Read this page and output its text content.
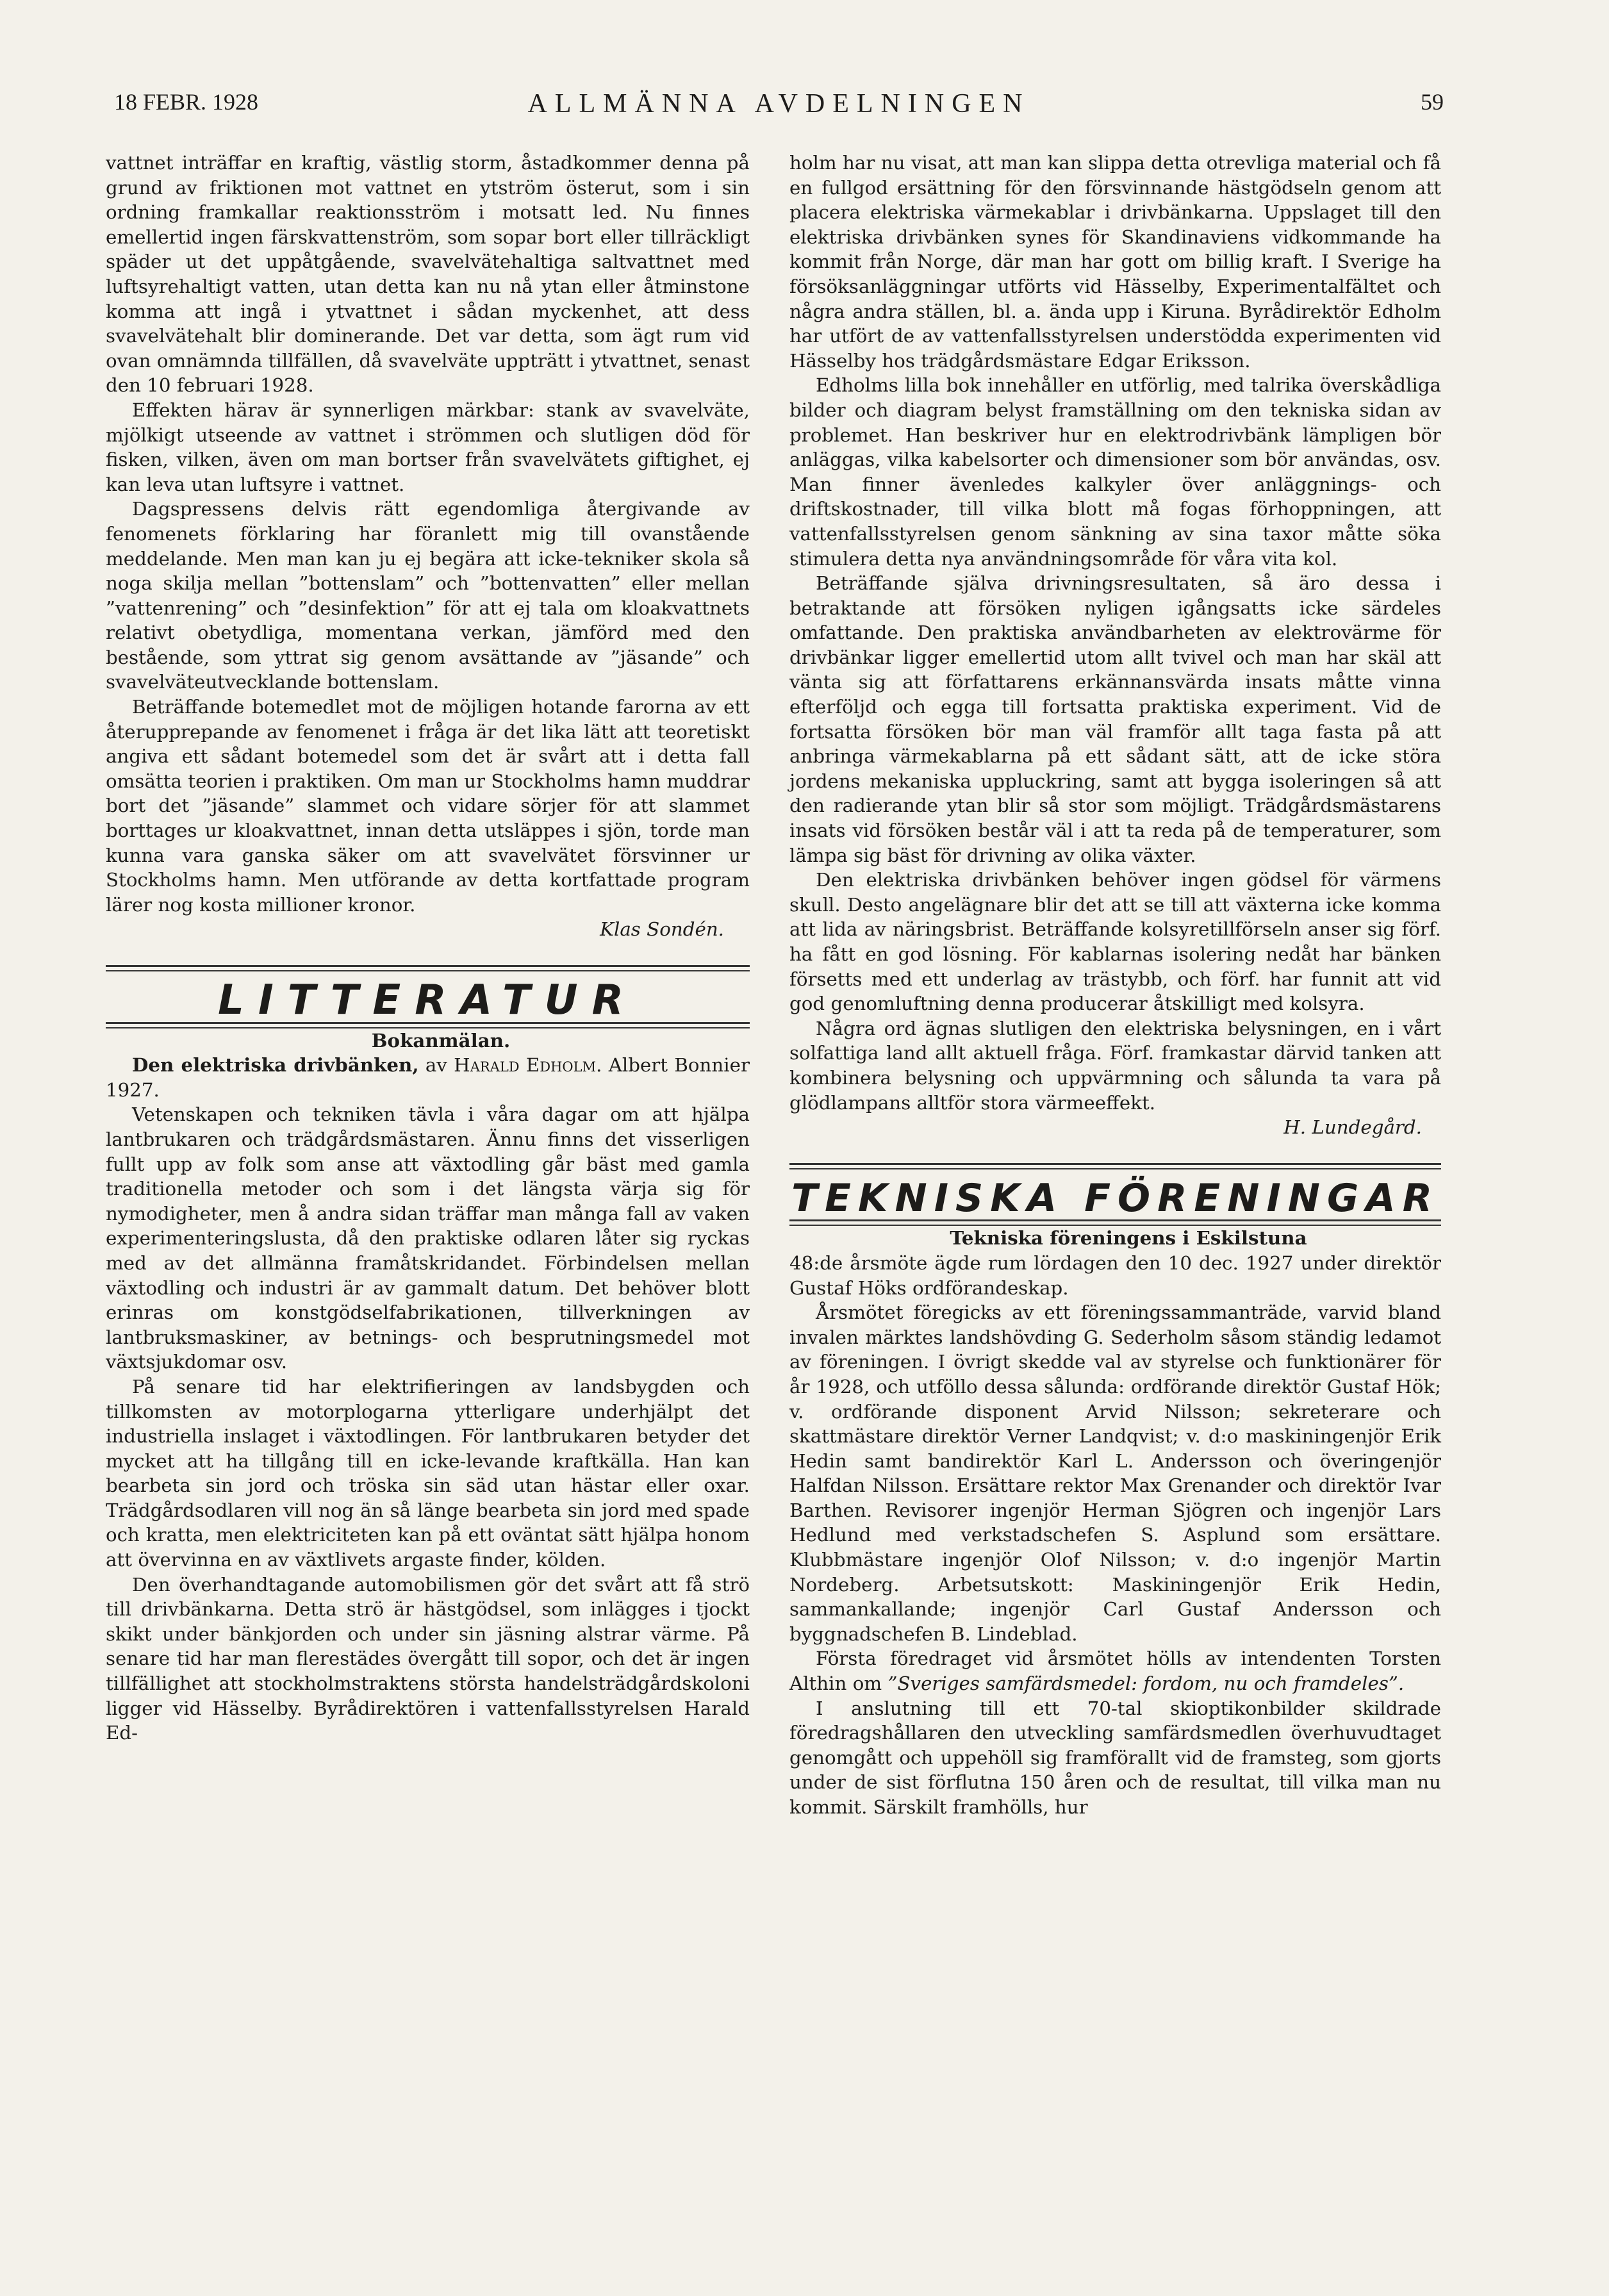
18 FEBR. 1928	ALLMÄNNA AVDELNINGEN	59

vattnet inträffar en kraftig, västlig storm, åstadkommer denna på grund av friktionen mot vattnet en ytström österut, som i sin ordning framkallar reaktionsström i motsatt led. Nu finnes emellertid ingen färskvattenström, som sopar bort eller tillräckligt späder ut det uppåtgående, svavelvätehaltiga saltvattnet med luftsyrehaltigt vatten, utan detta kan nu nå ytan eller åtminstone komma att ingå i ytvattnet i sådan myckenhet, att dess svavelvätehalt blir dominerande. Det var detta, som ägt rum vid ovan omnämnda tillfällen, då svavelväte uppträtt i ytvattnet, senast den 10 februari 1928.

Effekten härav är synnerligen märkbar: stank av svavelväte, mjölkigt utseende av vattnet i strömmen och slutligen död för fisken, vilken, även om man bortser från svavelvätets giftighet, ej kan leva utan luftsyre i vattnet.

Dagspressens delvis rätt egendomliga återgivande av fenomenets förklaring har föranlett mig till ovanstående meddelande. Men man kan ju ej begära att icke-tekniker skola så noga skilja mellan ”bottenslam” och ”bottenvatten” eller mellan ”vattenrening” och ”desinfektion” för att ej tala om kloakvattnets relativt obetydliga, momentana verkan, jämförd med den bestående, som yttrat sig genom avsättande av ”jäsande” och svavelväteutvecklande bottenslam.

Beträffande botemedlet mot de möjligen hotande farorna av ett återupprepande av fenomenet i fråga är det lika lätt att teoretiskt angiva ett sådant botemedel som det är svårt att i detta fall omsätta teorien i praktiken. Om man ur Stockholms hamn muddrar bort det ”jäsande” slammet och vidare sörjer för att slammet borttages ur kloakvattnet, innan detta utsläppes i sjön, torde man kunna vara ganska säker om att svavelvätet försvinner ur Stockholms hamn. Men utförande av detta kortfattade program lärer nog kosta millioner kronor.

Klas Sondén.

LITTERATUR

Bokanmälan.

Den elektriska drivbänken, av Harald Edholm. Albert Bonnier 1927.

Vetenskapen och tekniken tävla i våra dagar om att hjälpa lantbrukaren och trädgårdsmästaren. Ännu finns det visserligen fullt upp av folk som anse att växtodling går bäst med gamla traditionella metoder och som i det längsta värja sig för nymodigheter, men å andra sidan träffar man många fall av vaken experimenteringslusta, då den praktiske odlaren låter sig ryckas med av det allmänna framåtskridandet. Förbindelsen mellan växtodling och industri är av gammalt datum. Det behöver blott erinras om konstgödselfabrikationen, tillverkningen av lantbruksmaskiner, av betnings- och besprutningsmedel mot växtsjukdomar osv.

På senare tid har elektrifieringen av landsbygden och tillkomsten av motorplogarna ytterligare underhjälpt det industriella inslaget i växtodlingen. För lantbrukaren betyder det mycket att ha tillgång till en icke-levande kraftkälla. Han kan bearbeta sin jord och tröska sin säd utan hästar eller oxar. Trädgårdsodlaren vill nog än så länge bearbeta sin jord med spade och kratta, men elektriciteten kan på ett oväntat sätt hjälpa honom att övervinna en av växtlivets argaste finder, kölden.

Den överhandtagande automobilismen gör det svårt att få strö till drivbänkarna. Detta strö är hästgödsel, som inlägges i tjockt skikt under bänkjorden och under sin jäsning alstrar värme. På senare tid har man flerestädes övergått till sopor, och det är ingen tillfällighet att stockholmstraktens största handelsträdgårdskoloni ligger vid Hässelby. Byrådirektören i vattenfallsstyrelsen Harald Ed-

holm har nu visat, att man kan slippa detta otrevliga material och få en fullgod ersättning för den försvinnande hästgödseln genom att placera elektriska värmekablar i drivbänkarna. Uppslaget till den elektriska drivbänken synes för Skandinaviens vidkommande ha kommit från Norge, där man har gott om billig kraft. I Sverige ha försöksanläggningar utförts vid Hässelby, Experimentalfältet och några andra ställen, bl. a. ända upp i Kiruna. Byrådirektör Edholm har utfört de av vattenfallsstyrelsen understödda experimenten vid Hässelby hos trädgårdsmästare Edgar Eriksson.

Edholms lilla bok innehåller en utförlig, med talrika överskådliga bilder och diagram belyst framställning om den tekniska sidan av problemet. Han beskriver hur en elektrodrivbänk lämpligen bör anläggas, vilka kabelsorter och dimensioner som bör användas, osv. Man finner ävenledes kalkyler över anläggnings- och driftskostnader, till vilka blott må fogas förhoppningen, att vattenfallsstyrelsen genom sänkning av sina taxor måtte söka stimulera detta nya användningsområde för våra vita kol.

Beträffande själva drivningsresultaten, så äro dessa i betraktande att försöken nyligen igångsatts icke särdeles omfattande. Den praktiska användbarheten av elektrovärme för drivbänkar ligger emellertid utom allt tvivel och man har skäl att vänta sig att författarens erkännansvärda insats måtte vinna efterföljd och egga till fortsatta praktiska experiment. Vid de fortsatta försöken bör man väl framför allt taga fasta på att anbringa värmekablarna på ett sådant sätt, att de icke störa jordens mekaniska uppluckring, samt att bygga isoleringen så att den radierande ytan blir så stor som möjligt. Trädgårdsmästarens insats vid försöken består väl i att ta reda på de temperaturer, som lämpa sig bäst för drivning av olika växter.

Den elektriska drivbänken behöver ingen gödsel för värmens skull. Desto angelägnare blir det att se till att växterna icke komma att lida av näringsbrist. Beträffande kolsyretillförseln anser sig förf. ha fått en god lösning. För kablarnas isolering nedåt har bänken försetts med ett underlag av trästybb, och förf. har funnit att vid god genomluftning denna producerar åtskilligt med kolsyra.

Några ord ägnas slutligen den elektriska belysningen, en i vårt solfattiga land allt aktuell fråga. Förf. framkastar därvid tanken att kombinera belysning och uppvärmning och sålunda ta vara på glödlampans alltför stora värmeeffekt.

H. Lundegård.

TEKNISKA FÖRENINGAR

Tekniska föreningens i Eskilstuna

48:de årsmöte ägde rum lördagen den 10 dec. 1927 under direktör Gustaf Höks ordförandeskap.

Årsmötet föregicks av ett föreningssammanträde, varvid bland invalen märktes landshövding G. Sederholm såsom ständig ledamot av föreningen. I övrigt skedde val av styrelse och funktionärer för år 1928, och utföllo dessa sålunda: ordförande direktör Gustaf Hök; v. ordförande disponent Arvid Nilsson; sekreterare och skattmästare direktör Verner Landqvist; v. d:o maskiningenjör Erik Hedin samt bandirektör Karl L. Andersson och överingenjör Halfdan Nilsson. Ersättare rektor Max Grenander och direktör Ivar Barthen. Revisorer ingenjör Herman Sjögren och ingenjör Lars Hedlund med verkstadschefen S. Asplund som ersättare. Klubbmästare ingenjör Olof Nilsson; v. d:o ingenjör Martin Nordeberg. Arbetsutskott: Maskiningenjör Erik Hedin, sammankallande; ingenjör Carl Gustaf Andersson och byggnadschefen B. Lindeblad.

Första föredraget vid årsmötet hölls av intendenten Torsten Althin om ”Sveriges samfärdsmedel: fordom, nu och framdeles”.

I anslutning till ett 70-tal skioptikonbilder skildrade föredragshållaren den utveckling samfärdsmedlen överhuvudtaget genomgått och uppehöll sig framförallt vid de framsteg, som gjorts under de sist förflutna 150 åren och de resultat, till vilka man nu kommit. Särskilt framhölls, hur
